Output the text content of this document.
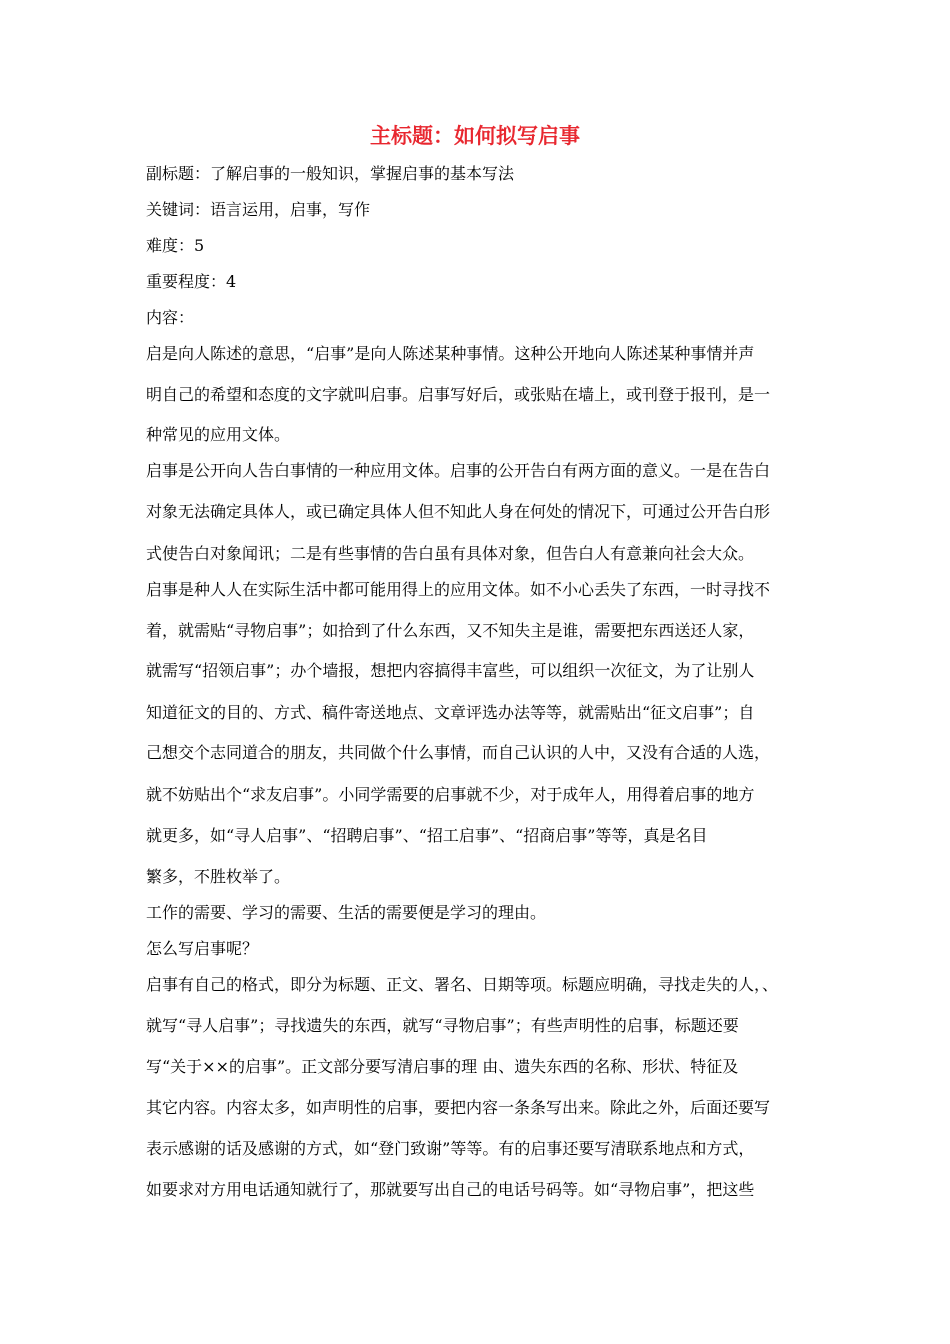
主标题：如何拟写启事
副标题：了解启事的一般知识，掌握启事的基本写法
关键词：语言运用，启事，写作
难度：5
重要程度：4
内容：
启是向人陈述的意思，“启事”是向人陈述某种事情。这种公开地向人陈述某种事情并声
明自己的希望和态度的文字就叫启事。启事写好后，或张贴在墙上，或刊登于报刊，是一
种常见的应用文体。
启事是公开向人告白事情的一种应用文体。启事的公开告白有两方面的意义。一是在告白
对象无法确定具体人，或已确定具体人但不知此人身在何处的情况下，可通过公开告白形
式使告白对象闻讯；二是有些事情的告白虽有具体对象，但告白人有意兼向社会大众。
启事是种人人在实际生活中都可能用得上的应用文体。如不小心丢失了东西，一时寻找不
着，就需贴“寻物启事”；如拾到了什么东西，又不知失主是谁，需要把东西送还人家，
就需写“招领启事”；办个墙报，想把内容搞得丰富些，可以组织一次征文，为了让别人
知道征文的目的、方式、稿件寄送地点、文章评选办法等等，就需贴出“征文启事”；自
己想交个志同道合的朋友，共同做个什么事情，而自己认识的人中，又没有合适的人选，
就不妨贴出个“求友启事”。小同学需要的启事就不少，对于成年人，用得着启事的地方
就更多，如“寻人启事”、“招聘启事”、“招工启事”、“招商启事”等等，真是名目
繁多，不胜枚举了。
工作的需要、学习的需要、生活的需要便是学习的理由。
怎么写启事呢？
启事有自己的格式，即分为标题、正文、署名、日期等项。标题应明确，寻找走失的人，、
就写“寻人启事”；寻找遗失的东西，就写“寻物启事”；有些声明性的启事，标题还要
写“关于××的启事”。正文部分要写清启事的理 由、遗失东西的名称、形状、特征及
其它内容。内容太多，如声明性的启事，要把内容一条条写出来。除此之外，后面还要写
表示感谢的话及感谢的方式，如“登门致谢”等等。有的启事还要写清联系地点和方式，
如要求对方用电话通知就行了，那就要写出自己的电话号码等。如“寻物启事”，把这些
